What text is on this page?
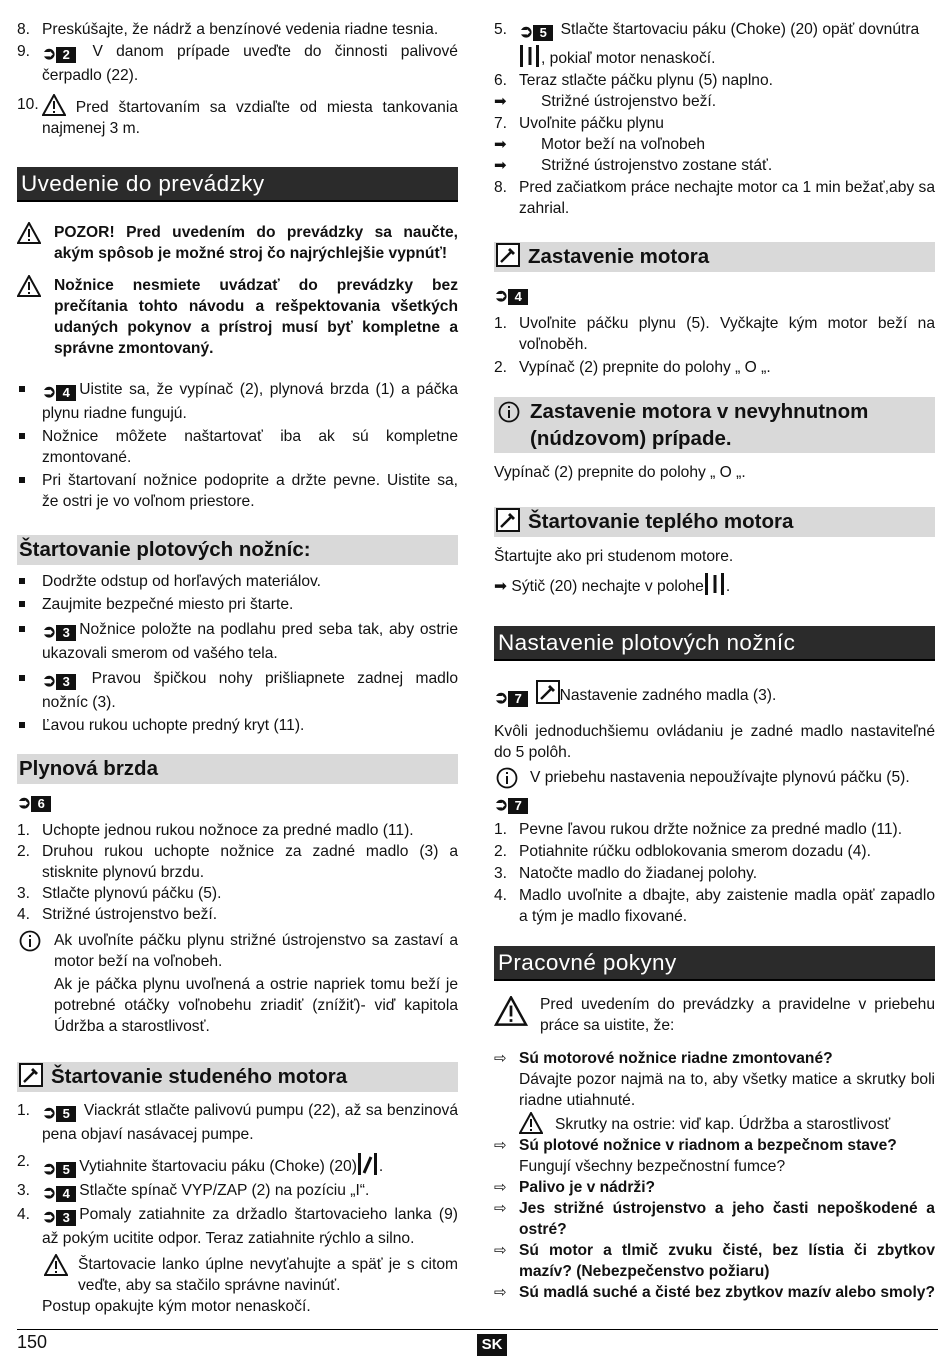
8. Preskúšajte, že nádrž a benzínové vedenia riadne tesnia.
9. ➲ 2 V danom prípade uveďte do činnosti palivové čerpadlo (22).
10. Pred štartovaním sa vzdiaľte od miesta tankovania najmenej 3 m.
Uvedenie do prevádzky
POZOR! Pred uvedením do prevádzky sa naučte, akým spôsob je možné stroj čo najrýchlejšie vypnúť!
Nožnice nesmiete uvádzať do prevádzky bez prečítania tohto návodu a rešpektovania všetkých udaných pokynov a prístroj musí byť kompletne a správne zmontovaný.
➲ 4 Uistite sa, že vypínač (2), plynová brzda (1) a páčka plynu riadne fungujú.
Nožnice môžete naštartovať iba ak sú kompletne zmontované.
Pri štartovaní nožnice podoprite a držte pevne. Uistite sa, že ostri je vo voľnom priestore.
Štartovanie plotových nožníc:
Dodržte odstup od horľavých materiálov.
Zaujmite bezpečné miesto pri štarte.
➲ 3 Nožnice položte na podlahu pred seba tak, aby ostrie ukazovali smerom od vašého tela.
➲ 3 Pravou špičkou nohy prišliapnete zadnej madlo nožníc (3).
Ľavou rukou uchopte predný kryt (11).
Plynová brzda
➲ 6
1. Uchopte jednou rukou nožnoce za predné madlo (11).
2. Druhou rukou uchopte nožnice za zadné madlo (3) a stisknite plynovú brzdu.
3. Stlačte plynovú páčku (5).
4. Strižné ústrojenstvo beží.
Ak uvoľníte páčku plynu strižné ústrojenstvo sa zastaví a motor beží na voľnobeh.
Ak je páčka plynu uvoľnená a ostrie napriek tomu beží je potrebné otáčky voľnobehu zriadiť (znížiť)- viď kapitola Údržba a starostlivosť.
Štartovanie studeného motora
1. ➲ 5 Viackrát stlačte palivovú pumpu (22), až sa benzinová pena objaví nasávacej pumpe.
2. ➲ 5 Vytiahnite štartovaciu páku (Choke) (20) .
3. ➲ 4 Stlačte spínač VYP/ZAP (2) na pozíciu „I“.
4. ➲ 3 Pomaly zatiahnite za držadlo štartovacieho lanka (9) až pokým ucitite odpor. Teraz zatiahnite rýchlo a silno.
Štartovacie lanko úplne nevyťahujte a späť je s citom veďte, aby sa stačilo správne navinúť.
Postup opakujte kým motor nenaskočí.
5. ➲ 5 Stlačte štartovaciu páku (Choke) (20) opäť dovnútra
, pokiaľ motor nenaskočí.
6. Teraz stlačte páčku plynu (5) naplno.
➡ Strižné ústrojenstvo beží.
7. Uvoľnite páčku plynu
➡ Motor beží na voľnobeh
➡ Strižné ústrojenstvo zostane stáť.
8. Pred začiatkom práce nechajte motor ca 1 min bežať,aby sa zahrial.
Zastavenie motora
➲ 4
1. Uvoľnite páčku plynu (5). Vyčkajte kým motor beží na voľnoběh.
2. Vypínač (2) prepnite do polohy „ O „.
Zastavenie motora v nevyhnutnom
(núdzovom) prípade.
Vypínač (2) prepnite do polohy „ O „.
Štartovanie teplého motora
Štartujte ako pri studenom motore.
➡ Sýtič (20) nechajte v polohe .
Nastavenie plotových nožníc
➲ 7 Nastavenie zadného madla (3).
Kvôli jednoduchšiemu ovládaniu je zadné madlo nastaviteľné do 5 polôh.
V priebehu nastavenia nepoužívajte plynovú páčku (5).
➲ 7
1. Pevne ľavou rukou držte nožnice za predné madlo (11).
2. Potiahnite rúčku odblokovania smerom dozadu (4).
3. Natočte madlo do žiadanej polohy.
4. Madlo uvoľnite a dbajte, aby zaistenie madla opäť zapadlo a tým je madlo fixované.
Pracovné pokyny
Pred uvedením do prevádzky a pravidelne v priebehu práce sa uistite, že:
⇨ Sú motorové nožnice riadne zmontované?
Dávajte pozor najmä na to, aby všetky matice a skrutky boli riadne utiahnuté.
Skrutky na ostrie: viď kap. Údržba a starostlivosť
⇨ Sú plotové nožnice v riadnom a bezpečnom stave?
Fungují všechny bezpečnostní fumce?
⇨ Palivo je v nádrži?
⇨ Jes strižné ústrojenstvo a jeho časti nepoškodené a ostré?
⇨ Sú motor a tlmič zvuku čisté, bez lístia či zbytkov mazív? (Nebezpečenstvo požiaru)
⇨ Sú madlá suché a čisté bez zbytkov mazív alebo smoly?
150	SK
